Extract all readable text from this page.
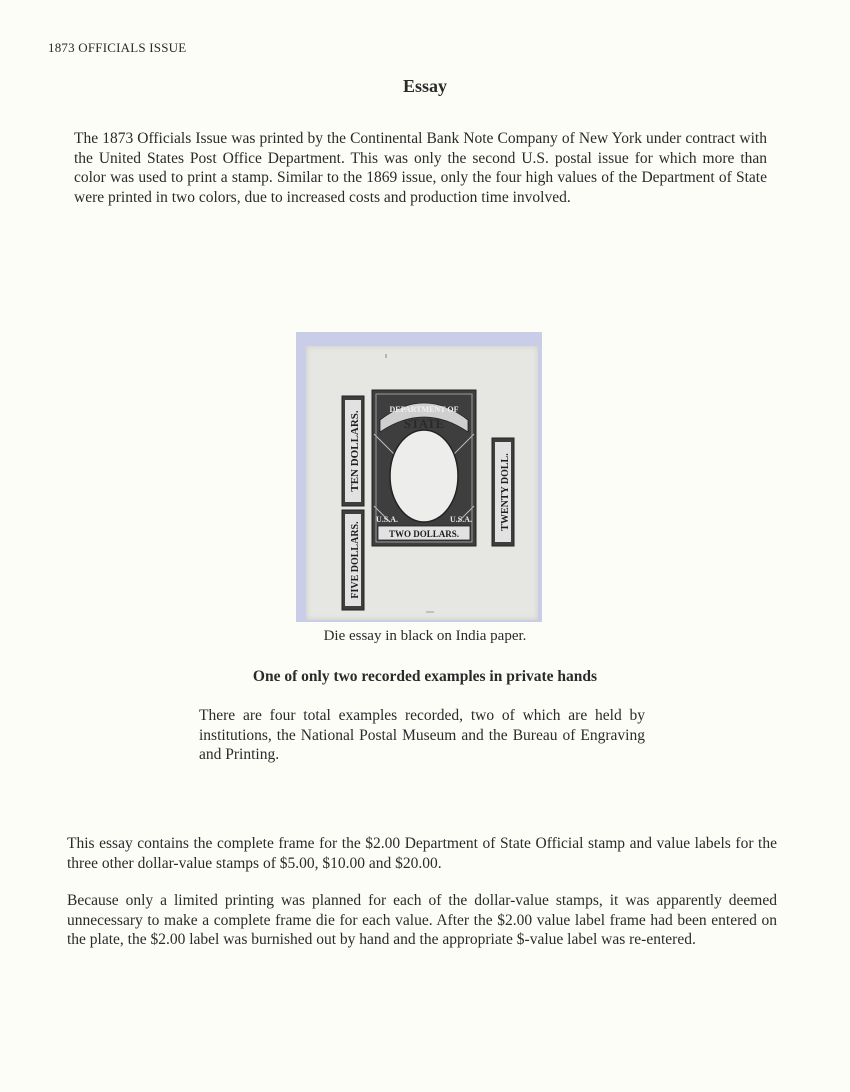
1873 OFFICIALS ISSUE
Essay
The 1873 Officials Issue was printed by the Continental Bank Note Company of New York under contract with the United States Post Office Department. This was only the second U.S. postal issue for which more than color was used to print a stamp. Similar to the 1869 issue, only the four high values of the Department of State were printed in two colors, due to increased costs and production time involved.
DEPARTMENT OF
STATE
U.S.A.	U.S.A.
TWO DOLLARS.
TEN DOLLARS.
FIVE DOLLARS.
TWENTY DOLL.
Die essay in black on India paper.
One of only two recorded examples in private hands
There are four total examples recorded, two of which are held by institutions, the National Postal Museum and the Bureau of Engraving and Printing.
This essay contains the complete frame for the $2.00 Department of State Official stamp and value labels for the three other dollar-value stamps of $5.00, $10.00 and $20.00.
Because only a limited printing was planned for each of the dollar-value stamps, it was apparently deemed unnecessary to make a complete frame die for each value. After the $2.00 value label frame had been entered on the plate, the $2.00 label was burnished out by hand and the appropriate $-value label was re-entered.
